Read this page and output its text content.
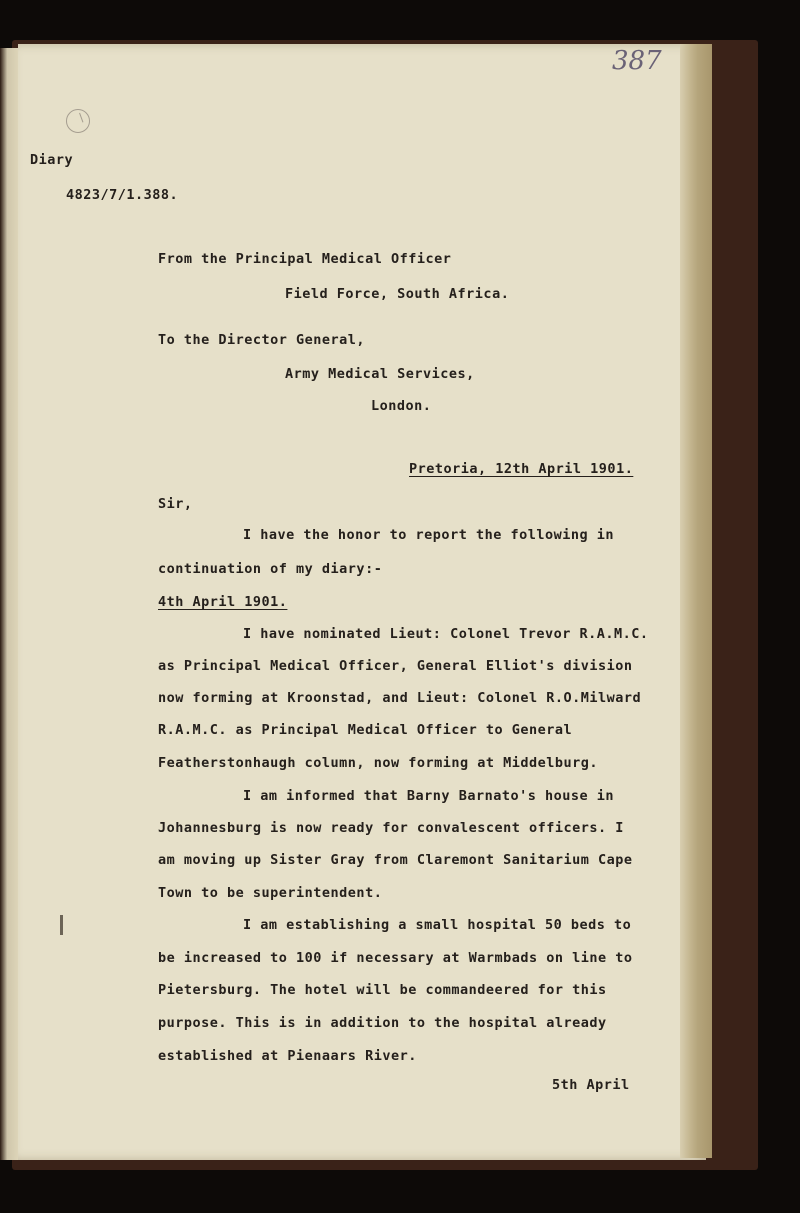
387
Diary
4823/7/1.388.
From the Principal Medical Officer
Field Force, South Africa.
To the Director General,
Army Medical Services,
London.
Pretoria, 12th April 1901.
Sir,
I have the honor to report the following in
continuation of my diary:-
4th April 1901.
I have nominated Lieut: Colonel Trevor R.A.M.C.
as Principal Medical Officer, General Elliot's division
now forming at Kroonstad, and Lieut: Colonel R.O.Milward
R.A.M.C. as Principal Medical Officer to General
Featherstonhaugh column, now forming at Middelburg.
I am informed that Barny Barnato's house in
Johannesburg is now ready for convalescent officers. I
am moving up Sister Gray from Claremont Sanitarium Cape
Town to be superintendent.
I am establishing a small hospital 50 beds to
be increased to 100 if necessary at Warmbads on line to
Pietersburg. The hotel will be commandeered for this
purpose. This is in addition to the hospital already
established at Pienaars River.
5th April
